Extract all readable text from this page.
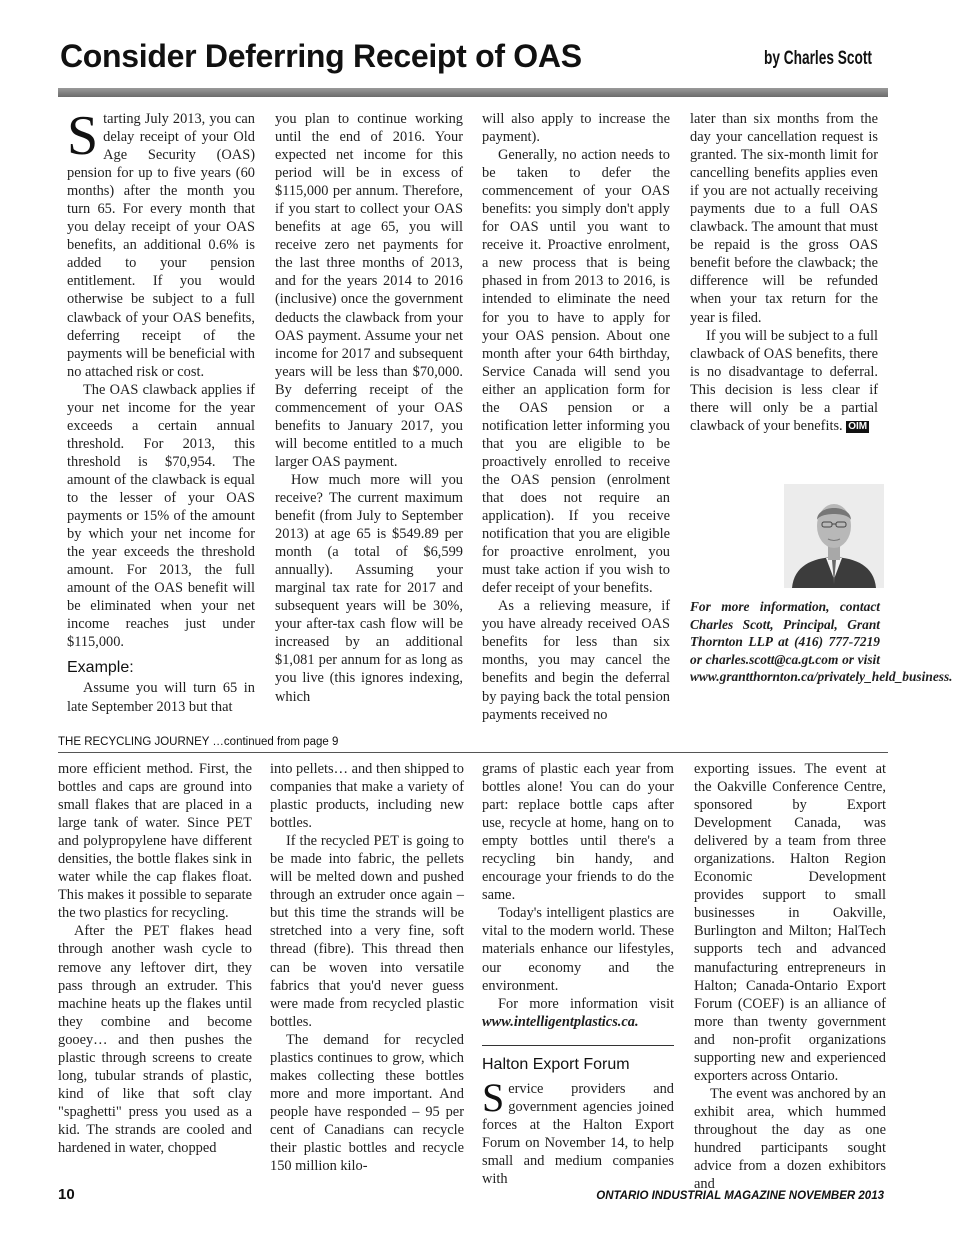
Consider Deferring Receipt of OAS	by Charles Scott

Starting July 2013, you can delay receipt of your Old Age Security (OAS) pension for up to five years (60 months) after the month you turn 65. For every month that you delay receipt of your OAS benefits, an additional 0.6% is added to your pension entitlement. If you would otherwise be subject to a full clawback of your OAS benefits, deferring receipt of the payments will be beneficial with no attached risk or cost.

The OAS clawback applies if your net income for the year exceeds a certain annual threshold. For 2013, this threshold is $70,954. The amount of the clawback is equal to the lesser of your OAS payments or 15% of the amount by which your net income for the year exceeds the threshold amount. For 2013, the full amount of the OAS benefit will be eliminated when your net income reaches just under $115,000.

Example:

Assume you will turn 65 in late September 2013 but that

you plan to continue working until the end of 2016. Your expected net income for this period will be in excess of $115,000 per annum. Therefore, if you start to collect your OAS benefits at age 65, you will receive zero net payments for the last three months of 2013, and for the years 2014 to 2016 (inclusive) once the government deducts the clawback from your OAS payment. Assume your net income for 2017 and subsequent years will be less than $70,000. By deferring receipt of the commencement of your OAS benefits to January 2017, you will become entitled to a much larger OAS payment.

How much more will you receive? The current maximum benefit (from July to September 2013) at age 65 is $549.89 per month (a total of $6,599 annually). Assuming your marginal tax rate for 2017 and subsequent years will be 30%, your after-tax cash flow will be increased by an additional $1,081 per annum for as long as you live (this ignores indexing, which

will also apply to increase the payment).

Generally, no action needs to be taken to defer the commencement of your OAS benefits: you simply don't apply for OAS until you want to receive it. Proactive enrolment, a new process that is being phased in from 2013 to 2016, is intended to eliminate the need for you to have to apply for your OAS pension. About one month after your 64th birthday, Service Canada will send you either an application form for the OAS pension or a notification letter informing you that you are eligible to be proactively enrolled to receive the OAS pension (enrolment that does not require an application). If you receive notification that you are eligible for proactive enrolment, you must take action if you wish to defer receipt of your benefits.

As a relieving measure, if you have already received OAS benefits for less than six months, you may cancel the benefits and begin the deferral by paying back the total pension payments received no

later than six months from the day your cancellation request is granted. The six-month limit for cancelling benefits applies even if you are not actually receiving payments due to a full OAS clawback. The amount that must be repaid is the gross OAS benefit before the clawback; the difference will be refunded when your tax return for the year is filed.

If you will be subject to a full clawback of OAS benefits, there is no disadvantage to deferral. This decision is less clear if there will only be a partial clawback of your benefits. OIM

For more information, contact Charles Scott, Principal, Grant Thornton LLP at (416) 777-7219 or charles.scott@ca.gt.com or visit www.grantthornton.ca/privately_held_business.
THE RECYCLING JOURNEY …continued from page 9

more efficient method. First, the bottles and caps are ground into small flakes that are placed in a large tank of water. Since PET and polypropylene have different densities, the bottle flakes sink in water while the cap flakes float. This makes it possible to separate the two plastics for recycling.

After the PET flakes head through another wash cycle to remove any leftover dirt, they pass through an extruder. This machine heats up the flakes until they combine and become gooey… and then pushes the plastic through screens to create long, tubular strands of plastic, kind of like that soft clay "spaghetti" press you used as a kid. The strands are cooled and hardened in water, chopped

into pellets… and then shipped to companies that make a variety of plastic products, including new bottles.

If the recycled PET is going to be made into fabric, the pellets will be melted down and pushed through an extruder once again – but this time the strands will be stretched into a very fine, soft thread (fibre). This thread then can be woven into versatile fabrics that you'd never guess were made from recycled plastic bottles.

The demand for recycled plastics continues to grow, which makes collecting these bottles more and more important. And people have responded – 95 per cent of Canadians can recycle their plastic bottles and recycle 150 million kilo-

grams of plastic each year from bottles alone! You can do your part: replace bottle caps after use, recycle at home, hang on to empty bottles until there's a recycling bin handy, and encourage your friends to do the same.

Today's intelligent plastics are vital to the modern world. These materials enhance our lifestyles, our economy and the environment.

For more information visit www.intelligentplastics.ca.

Halton Export Forum

Service providers and government agencies joined forces at the Halton Export Forum on November 14, to help small and medium companies with

exporting issues. The event at the Oakville Conference Centre, sponsored by Export Development Canada, was delivered by a team from three organizations. Halton Region Economic Development provides support to small businesses in Oakville, Burlington and Milton; HalTech supports tech and advanced manufacturing entrepreneurs in Halton; Canada-Ontario Export Forum (COEF) is an alliance of more than twenty government and non-profit organizations supporting new and experienced exporters across Ontario.

The event was anchored by an exhibit area, which hummed throughout the day as one hundred participants sought advice from a dozen exhibitors and

10	ONTARIO INDUSTRIAL MAGAZINE NOVEMBER 2013
